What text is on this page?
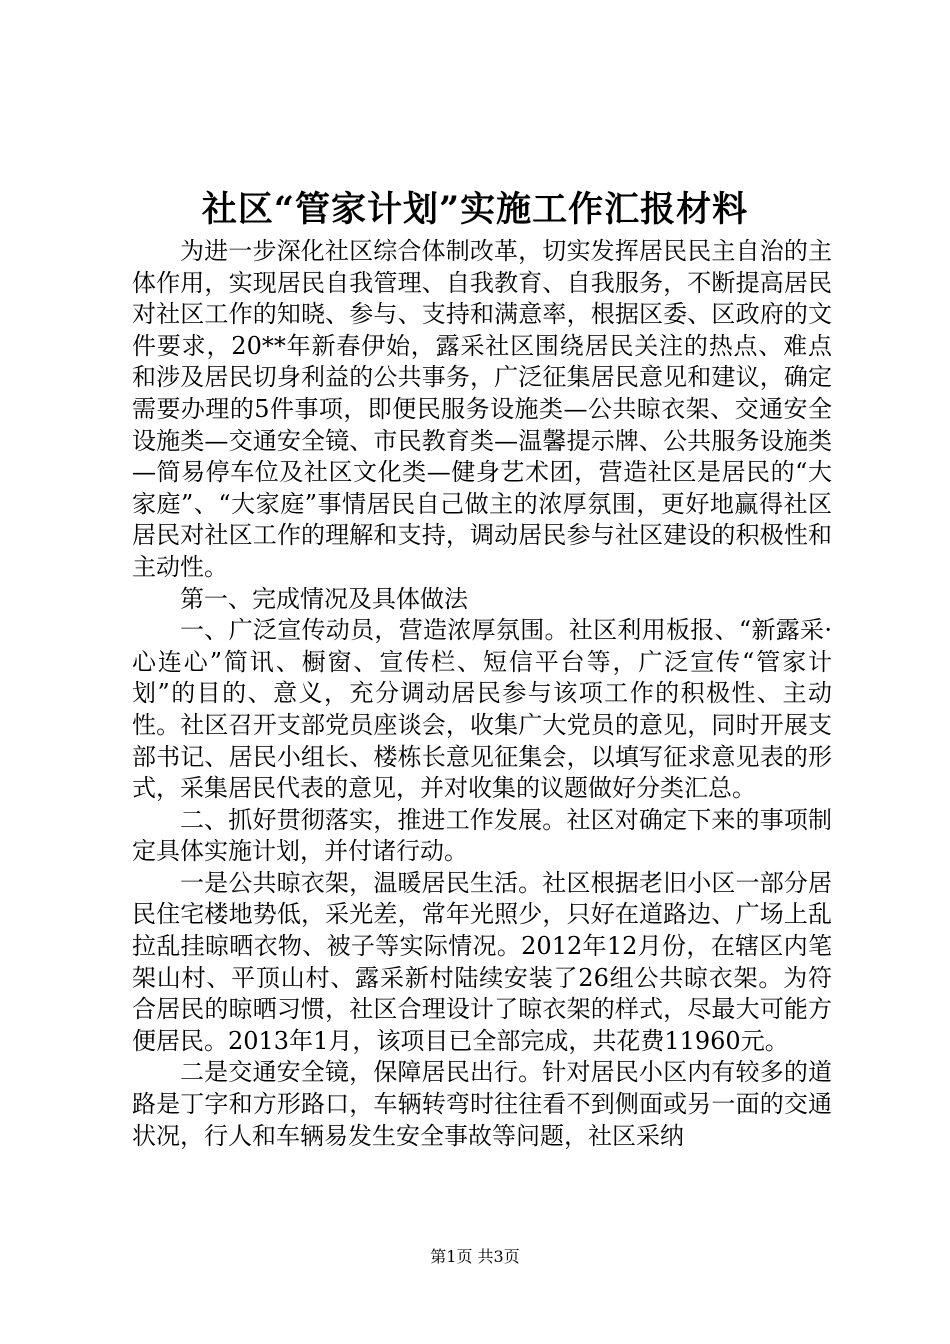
社区“管家计划”实施工作汇报材料

为进一步深化社区综合体制改革，切实发挥居民民主自治的主体作用，实现居民自我管理、自我教育、自我服务，不断提高居民对社区工作的知晓、参与、支持和满意率，根据区委、区政府的文件要求，20**年新春伊始，露采社区围绕居民关注的热点、难点和涉及居民切身利益的公共事务，广泛征集居民意见和建议，确定需要办理的5件事项，即便民服务设施类—公共晾衣架、交通安全设施类—交通安全镜、市民教育类—温馨提示牌、公共服务设施类—简易停车位及社区文化类—健身艺术团，营造社区是居民的“大家庭”、“大家庭”事情居民自己做主的浓厚氛围，更好地赢得社区居民对社区工作的理解和支持，调动居民参与社区建设的积极性和主动性。

第一、完成情况及具体做法

一、广泛宣传动员，营造浓厚氛围。社区利用板报、“新露采·心连心”简讯、橱窗、宣传栏、短信平台等，广泛宣传“管家计划”的目的、意义，充分调动居民参与该项工作的积极性、主动性。社区召开支部党员座谈会，收集广大党员的意见，同时开展支部书记、居民小组长、楼栋长意见征集会，以填写征求意见表的形式，采集居民代表的意见，并对收集的议题做好分类汇总。

二、抓好贯彻落实，推进工作发展。社区对确定下来的事项制定具体实施计划，并付诸行动。

一是公共晾衣架，温暖居民生活。社区根据老旧小区一部分居民住宅楼地势低，采光差，常年光照少，只好在道路边、广场上乱拉乱挂晾晒衣物、被子等实际情况。2012年12月份，在辖区内笔架山村、平顶山村、露采新村陆续安装了26组公共晾衣架。为符合居民的晾晒习惯，社区合理设计了晾衣架的样式，尽最大可能方便居民。2013年1月，该项目已全部完成，共花费11960元。

二是交通安全镜，保障居民出行。针对居民小区内有较多的道路是丁字和方形路口，车辆转弯时往往看不到侧面或另一面的交通状况，行人和车辆易发生安全事故等问题，社区采纳

第1页 共3页
